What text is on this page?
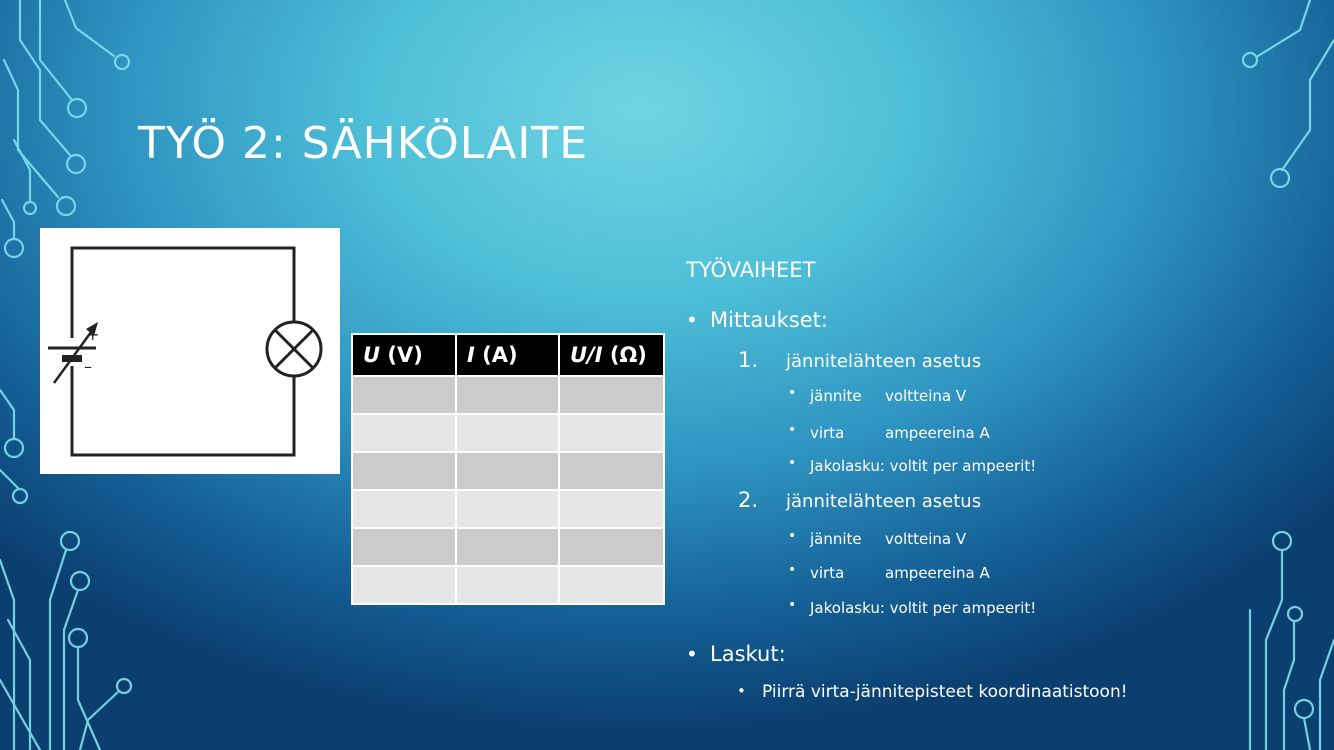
TYÖ 2: SÄHKÖLAITE
+
–	U (V)	I (A)	U/I (Ω)

TYÖVAIHEET
• Mittaukset:
1. jännitelähteen asetus
• jännite voltteina V
• virta	ampeereina A
• Jakolasku: voltit per ampeerit!
2. jännitelähteen asetus
• jännite voltteina V
• virta	ampeereina A
• Jakolasku: voltit per ampeerit!
• Laskut:
• Piirrä virta-jännitepisteet koordinaatistoon!
